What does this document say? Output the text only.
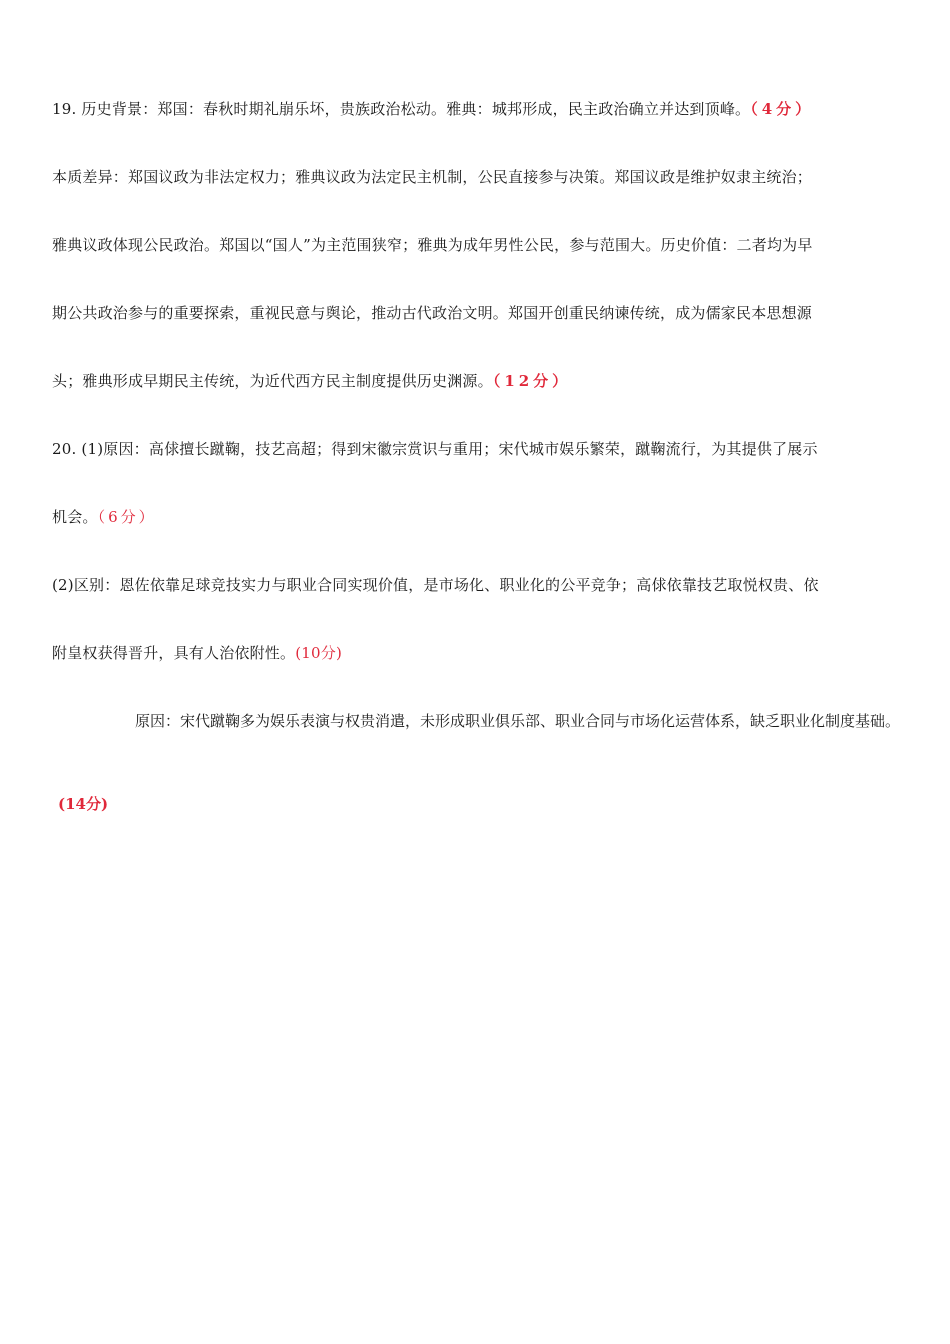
19. 历史背景：郑国：春秋时期礼崩乐坏，贵族政治松动。雅典：城邦形成，民主政治确立并达到顶峰。（4分）
本质差异：郑国议政为非法定权力；雅典议政为法定民主机制，公民直接参与决策。郑国议政是维护奴隶主统治；
雅典议政体现公民政治。郑国以“国人”为主范围狭窄；雅典为成年男性公民，参与范围大。历史价值：二者均为早
期公共政治参与的重要探索，重视民意与舆论，推动古代政治文明。郑国开创重民纳谏传统，成为儒家民本思想源
头；雅典形成早期民主传统，为近代西方民主制度提供历史渊源。（12分）
20. (1)原因：高俅擅长蹴鞠，技艺高超；得到宋徽宗赏识与重用；宋代城市娱乐繁荣，蹴鞠流行，为其提供了展示
机会。（6分）
(2)区别：恩佐依靠足球竞技实力与职业合同实现价值，是市场化、职业化的公平竞争；高俅依靠技艺取悦权贵、依
附皇权获得晋升，具有人治依附性。(10分)
原因：宋代蹴鞠多为娱乐表演与权贵消遣，未形成职业俱乐部、职业合同与市场化运营体系，缺乏职业化制度基础。
(14分)
